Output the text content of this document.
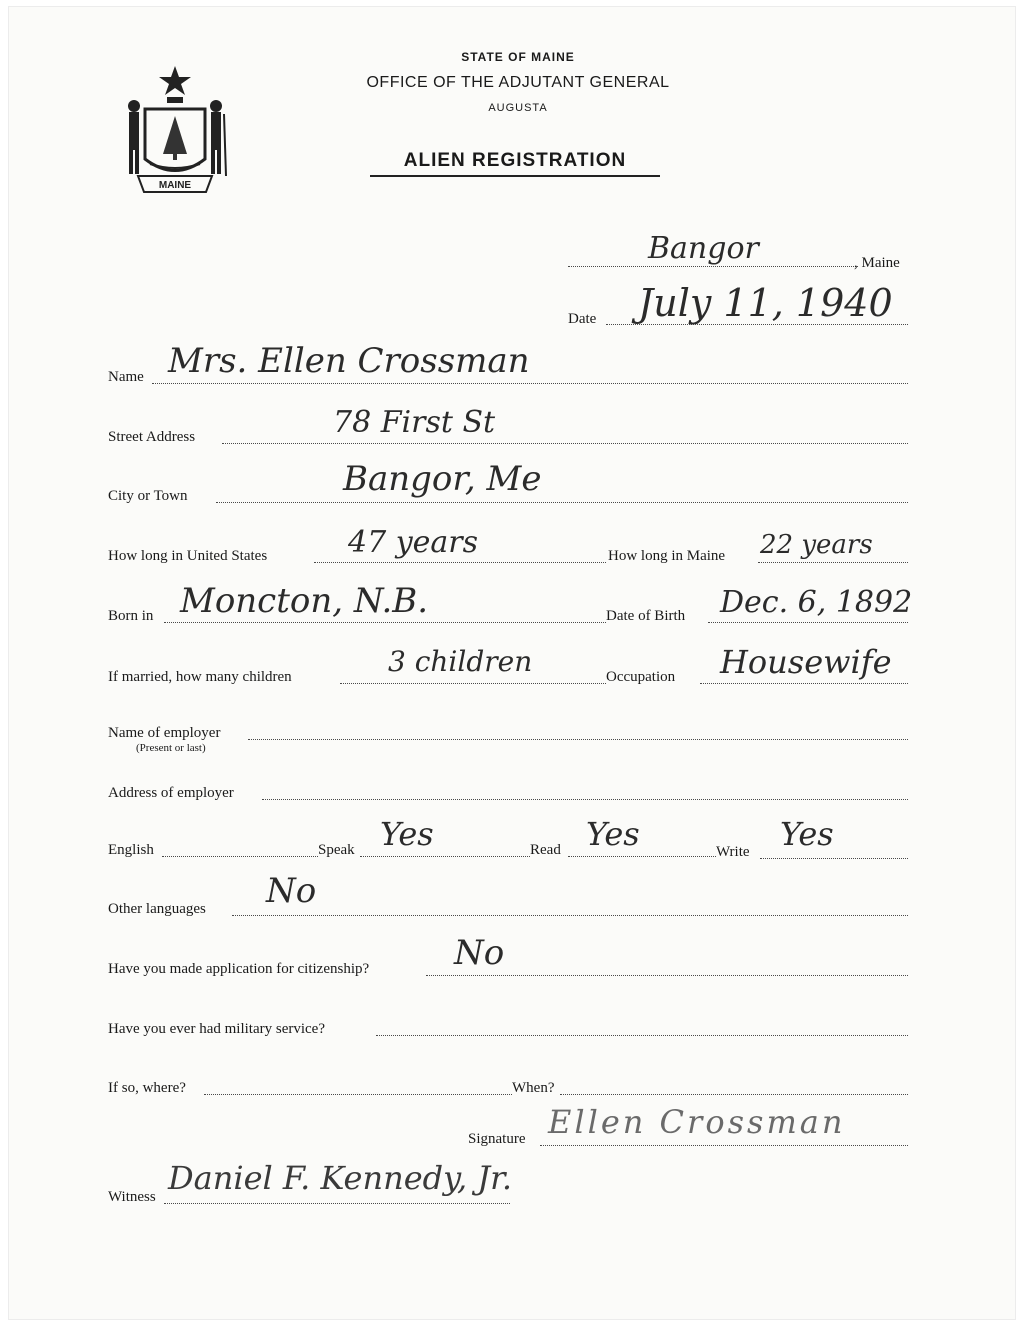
MAINE
STATE OF MAINE
OFFICE OF THE ADJUTANT GENERAL
AUGUSTA
ALIEN REGISTRATION
Bangor	, Maine
Date July 11, 1940
Name Mrs. Ellen Crossman
Street Address	78 First St
City or Town	Bangor, Me
How long in United States	47 years	How long in Maine 22 years
Born in Moncton, N.B.	Date of Birth Dec. 6, 1892
If married, how many children	3 children	Occupation Housewife
Name of employer
(Present or last)
Address of employer
English	Speak Yes	Read Yes	Write Yes
Other languages No
Have you made application for citizenship? No
Have you ever had military service?
If so, where?	When?
Signature Ellen Crossman
Witness Daniel F. Kennedy, Jr.
